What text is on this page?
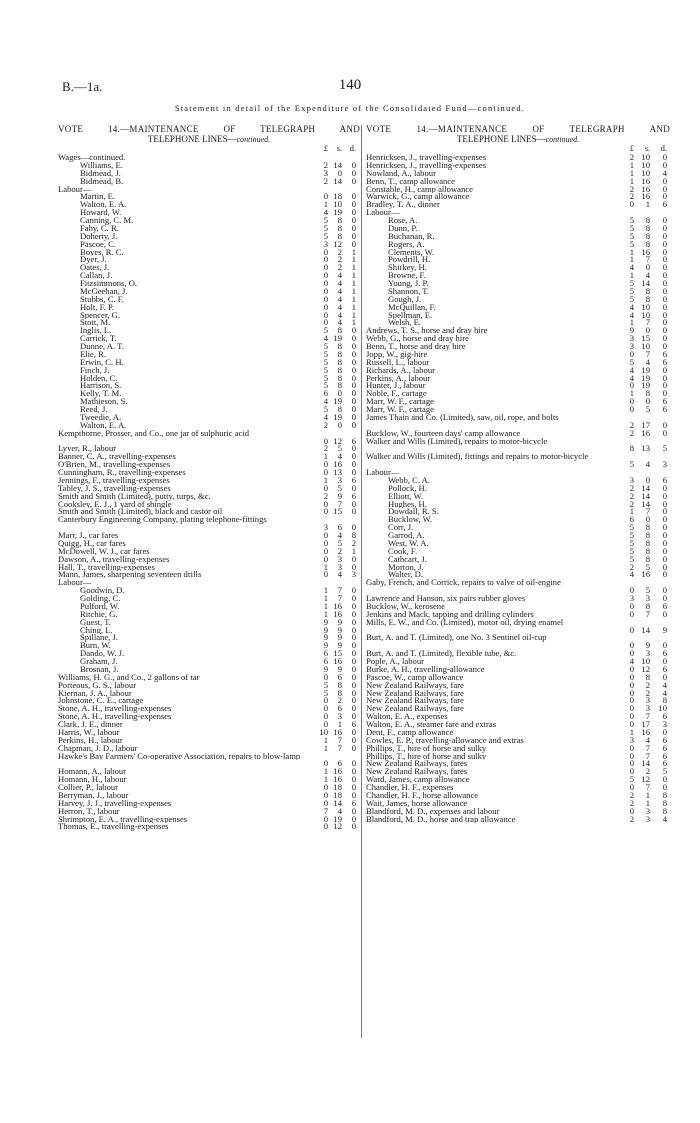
B.—1a.	140
Statement in detail of the Expenditure of the Consolidated Fund—continued.
VOTE 14.—MAINTENANCE OF TELEGRAPH AND
TELEPHONE LINES—continued.
£	s. d.
Wages—continued.
Williams, E.	2 14	0
Bidmead, J.	3	0	0
Bidmead, B.	2 14	0
Labour—
Martin, E.	0 18	0
Walton, E. A.	1 10	0
Howard, W.	4 19	0
Canning, C. M.	5	8	0
Fahy, C. R.	5	8	0
Doherty, J.	5	8	0
Pascoe, C.	3 12	0
Boyes, R. C.	0	2	1
Dyer, J.	0	2	1
Oates, J.	0	2	1
Callan, J.	0	4	1
Fitzsimmons, O.	0	4	1
McGeehan, J.	0	4	1
Stubbs, C. F.	0	4	1
Holt, F. P.	0	4	1
Spencer, G.	0	4	1
Stott, M.	0	4	1
Inglis, L.	5	8	0
Carrick, T.	4 19	0
Dunne, A. T.	5	8	0
Elie, R.	5	8	0
Erwin, C. H.	5	8	0
Finch, J.	5	8	0
Holden, C.	5	8	0
Harrison, S.	5	8	0
Kelly, T. M.	6	0	0
Mathieson, S.	4 19	0
Reed, J.	5	8	0
Tweedie, A.	4 19	0
Walton, E. A.	2	0	0
Kempthorne, Prosser, and Co., one jar of sulphuric acid
0 12	6
Lyver, R., labour	2	5	0
Banner, C. A., travelling-expenses	1	4	0
O'Brien, M., travelling-expenses	0 16	0
Cunningham, R., travelling-expenses	0 13	0
Jennings, F., travelling-expenses	1	3	6
Tabley, J. S., travelling-expenses	0	5	0
Smith and Smith (Limited), putty, turps, &c.	2	9	6
Cooksley, E. J., 1 yard of shingle	0	7	0
Smith and Smith (Limited), black and castor oil	0 15	0
Canterbury Engineering Company, plating telephone-fittings
3	6	0
Marr, J., car fares	0	4	8
Quigg, H., car fares	0	5	2
McDowell, W. J., car fares	0	2	1
Dawson, A., travelling-expenses	0	3	0
Hall, T., travelling-expenses	1	3	0
Mann, James, sharpening seventeen drills	0	4	3
Labour—
Goodwin, D.	1	7	0
Golding, C.	1	7	0
Pulford, W.	1 16	0
Ritchie, G.	1 16	0
Guest, T.	9	9	0
Ching, L.	9	9	0
Spillane, J.	9	9	0
Burn, W.	9	9	0
Dando, W. J.	6 15	0
Graham, J.	6 16	0
Brosnan, J.	9	9	0
Williams, H. G., and Co., 2 gallons of tar	0	6	0
Porteous, G. S., labour	5	8	0
Kiernan, J. A., labour	5	8	0
Johnstone, C. E., cartage	0	2	0
Stone, A. H., travelling-expenses	0	6	0
Stone, A. H., travelling-expenses	0	3	0
Clark, J. E., dinner	0	1	6
Harris, W., labour	10 16	0
Perkins, H., labour	1	7	0
Chapman, J. D., labour	1	7	0
Hawke's Bay Farmers' Co-operative Association, repairs to blow-lamp
0	6	0
Homann, A., labour	1 16	0
Homann, H., labour	1 16	0
Collier, P., labour	0 18	0
Berryman, J., labour	0 18	0
Harvey, J. J., travelling-expenses	0 14	6
Herron, T., labour	7	4	0
Shrimpton, E. A., travelling-expenses	0 19	0
Thomas, E., travelling-expenses	0 12	0
VOTE 14.—MAINTENANCE OF TELEGRAPH AND
TELEPHONE LINES—continued.
£	s.	d.
Henricksen, J., travelling-expenses	2 10	0
Henricksen, J., travelling-expenses	1 10	0
Nowland, A., labour	1 10	4
Benn, T., camp allowance	1 16	0
Constable, H., camp allowance	2 16	0
Warwick, G., camp allowance	2 16	0
Bradley, T. A., dinner	0	1	6
Labour—
Rose, A.	5	8	0
Dunn, P.	5	8	0
Buchanan, R.	5	8	0
Rogers, A.	5	8	0
Clements, W.	1 16	0
Powdrill, H.	1	7	0
Shirkey, H.	4	0	0
Browne, F.	1	4	0
Young, J. P.	5 14	0
Shannon, T.	5	8	0
Gough, J.	5	8	0
McQuillan, F.	4 10	0
Spellman, E.	4 10	0
Welsh, E.	1	7	0
Andrews, T. S., horse and dray hire	9	0	0
Webb, G., horse and dray hire	3 15	0
Benn, T., horse and dray hire	3 10	0
Jopp, W., gig-hire	0	7	6
Russell, L., labour	5	4	6
Richards, A., labour	4 19	0
Perkins, A., labour	4 19	0
Hunter, J., labour	0 19	0
Noble, F., cartage	1	8	0
Marr, W. F., cartage	0	0	6
Marr, W. F., cartage	0	5	6
James Thain and Co. (Limited), saw, oil, rope, and bolts
2 17	0
Bucklow, W., fourteen days' camp allowance	2 16	0
Walker and Wills (Limited), repairs to motor-bicycle
8 13	5
Walker and Wills (Limited), fittings and repairs to motor-bicycle
5	4	3
Labour—
Webb, C. A.	3	0	6
Pollock, H.	2 14	0
Elliott, W.	2 14	0
Hughes, H.	2 14	0
Dowdall, R. S.	1	7	0
Bucklow, W.	6	0	0
Corr, J.	5	8	0
Garrod, A.	5	8	0
West, W. A.	5	8	0
Cook, F.	5	8	0
Cathcart, J.	5	8	0
Morton, J.	2	5	0
Walter, D.	4 16	0
Gaby, French, and Corrick, repairs to valve of oil-engine
0	5	0
Lawrence and Hanson, six pairs rubber gloves	3	3	0
Bucklow, W., kerosene	0	8	6
Jenkins and Mack, tapping and drilling cylinders	0	7	0
Mills, E. W., and Co. (Limited), motor oil, drying enamel
0 14	9
Burt, A. and T. (Limited), one No. 3 Sentinel oil-cup
0	9	0
Burt, A. and T. (Limited), flexible tube, &c.	0	3	6
Pople, A., labour	4 10	0
Burke, A. H., travelling-allowance	0 12	6
Pascoe, W., camp allowance	0	8	0
New Zealand Railways, fare	0	2	4
New Zealand Railways, fare	0	2	4
New Zealand Railways, fare	0	3	8
New Zealand Railways, fare	0	3 10
Walton, E. A., expenses	0	7	6
Walton, E. A., steamer fare and extras	0 17	3
Dent, F., camp allowance	1 16	0
Cowles, E. P., travelling-allowance and extras	3	4	6
Phillips, T., hire of horse and sulky	0	7	6
Phillips, T., hire of horse and sulky	0	7	6
New Zealand Railways, fares	0 14	6
New Zealand Railways, fares	0	2	5
Ward, James, camp allowance	5 12	0
Chandler, H. F., expenses	0	7	0
Chandler, H. F., horse allowance	2	1	8
Wait, James, horse allowance	2	1	8
Blandford, M. D., expenses and labour	0	3	8
Blandford, M. D., horse and trap allowance	2	3	4
